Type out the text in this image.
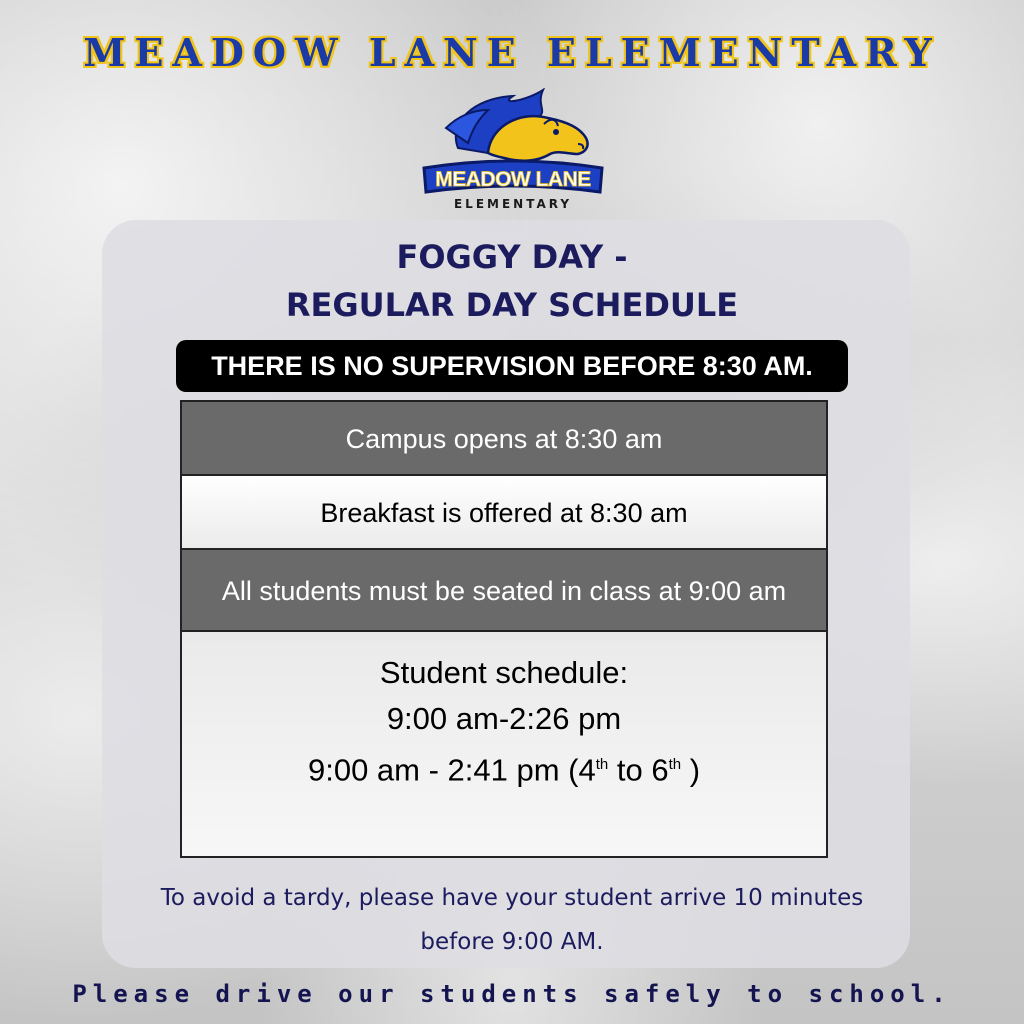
MEADOW LANE ELEMENTARY
MEADOW LANE
ELEMENTARY
FOGGY DAY -
REGULAR DAY SCHEDULE
THERE IS NO SUPERVISION BEFORE 8:30 AM.
Campus opens at 8:30 am
Breakfast is offered at 8:30 am
All students must be seated in class at 9:00 am
Student schedule:
9:00 am-2:26 pm
9:00 am - 2:41 pm (4th to 6th )
To avoid a tardy, please have your student arrive 10 minutes before 9:00 AM.
Please drive our students safely to school.
